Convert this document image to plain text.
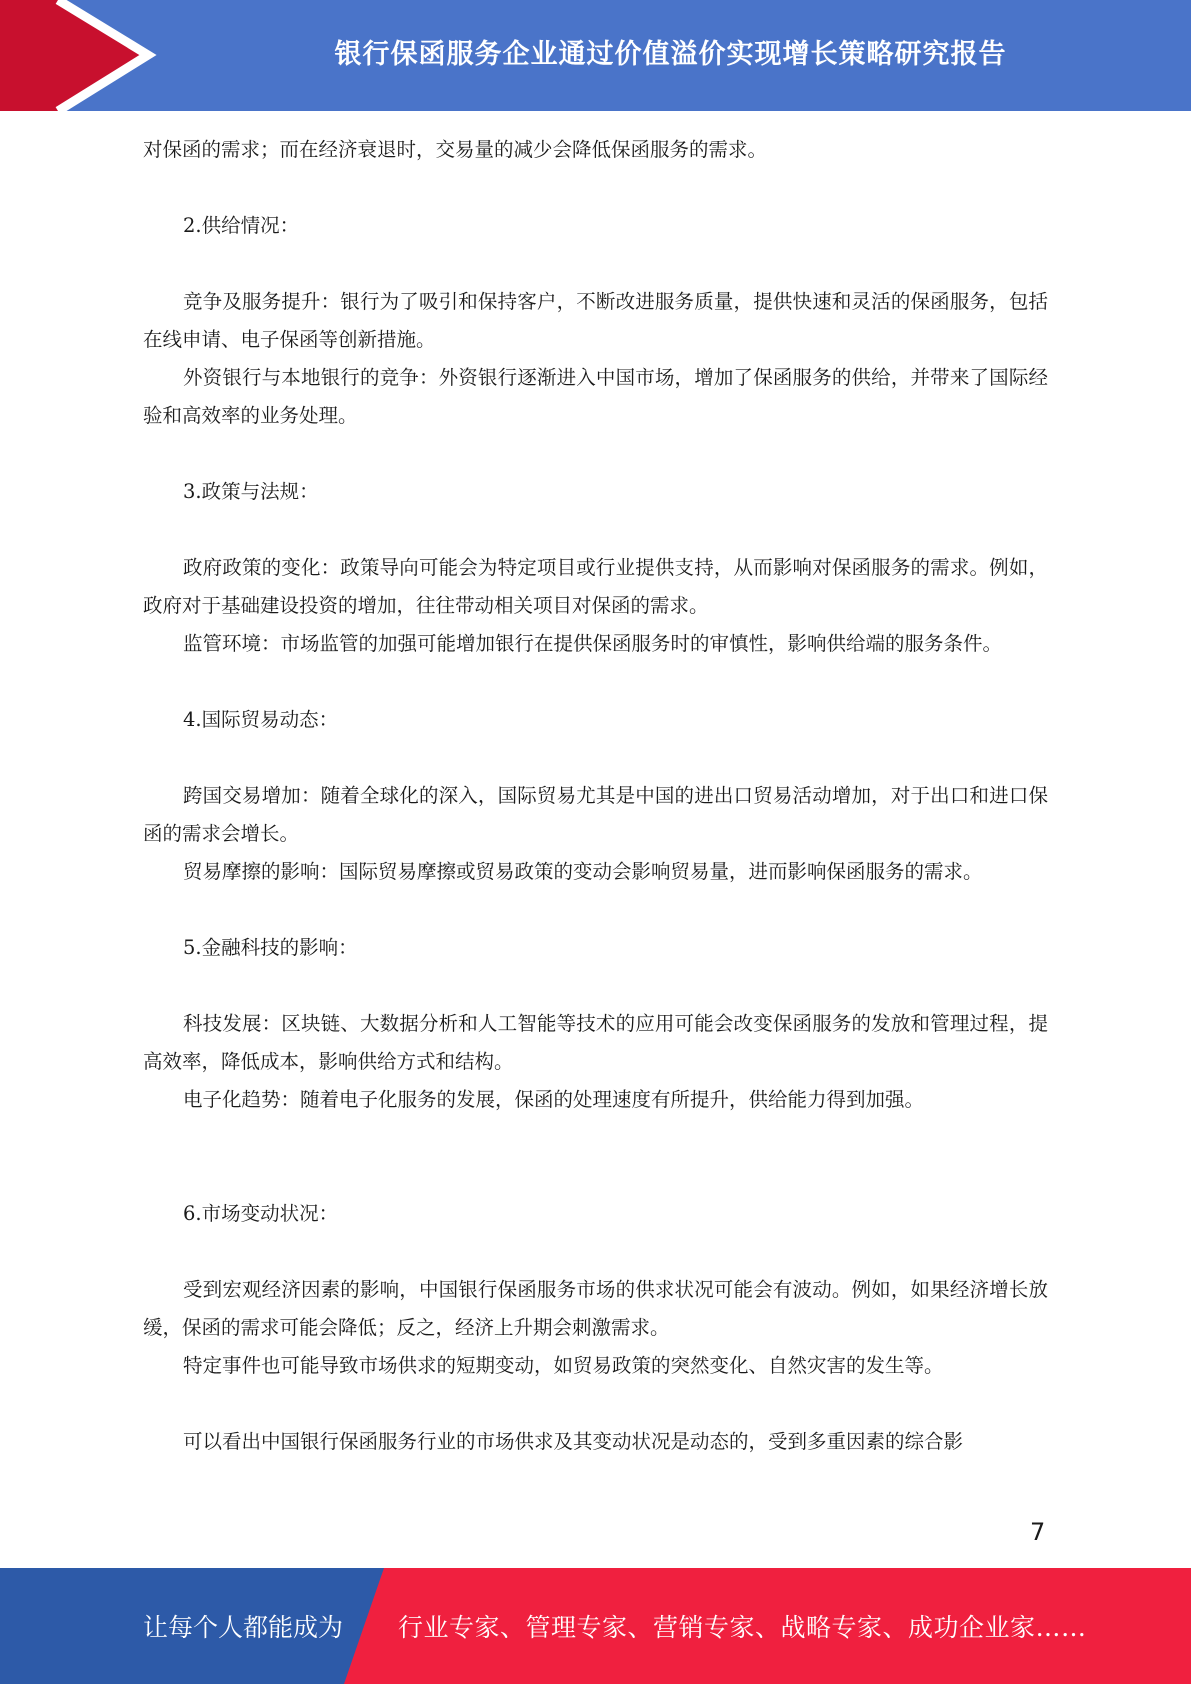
银行保函服务企业通过价值溢价实现增长策略研究报告

对保函的需求；而在经济衰退时，交易量的减少会降低保函服务的需求。

2.供给情况：

竞争及服务提升：银行为了吸引和保持客户，不断改进服务质量，提供快速和灵活的保函服务，包括在线申请、电子保函等创新措施。

外资银行与本地银行的竞争：外资银行逐渐进入中国市场，增加了保函服务的供给，并带来了国际经验和高效率的业务处理。

3.政策与法规：

政府政策的变化：政策导向可能会为特定项目或行业提供支持，从而影响对保函服务的需求。例如，政府对于基础建设投资的增加，往往带动相关项目对保函的需求。

监管环境：市场监管的加强可能增加银行在提供保函服务时的审慎性，影响供给端的服务条件。

4.国际贸易动态：

跨国交易增加：随着全球化的深入，国际贸易尤其是中国的进出口贸易活动增加，对于出口和进口保函的需求会增长。

贸易摩擦的影响：国际贸易摩擦或贸易政策的变动会影响贸易量，进而影响保函服务的需求。

5.金融科技的影响：

科技发展：区块链、大数据分析和人工智能等技术的应用可能会改变保函服务的发放和管理过程，提高效率，降低成本，影响供给方式和结构。

电子化趋势：随着电子化服务的发展，保函的处理速度有所提升，供给能力得到加强。

6.市场变动状况：

受到宏观经济因素的影响，中国银行保函服务市场的供求状况可能会有波动。例如，如果经济增长放缓，保函的需求可能会降低；反之，经济上升期会刺激需求。

特定事件也可能导致市场供求的短期变动，如贸易政策的突然变化、自然灾害的发生等。

可以看出中国银行保函服务行业的市场供求及其变动状况是动态的，受到多重因素的综合影

7
让每个人都能成为 行业专家、管理专家、营销专家、战略专家、成功企业家……
